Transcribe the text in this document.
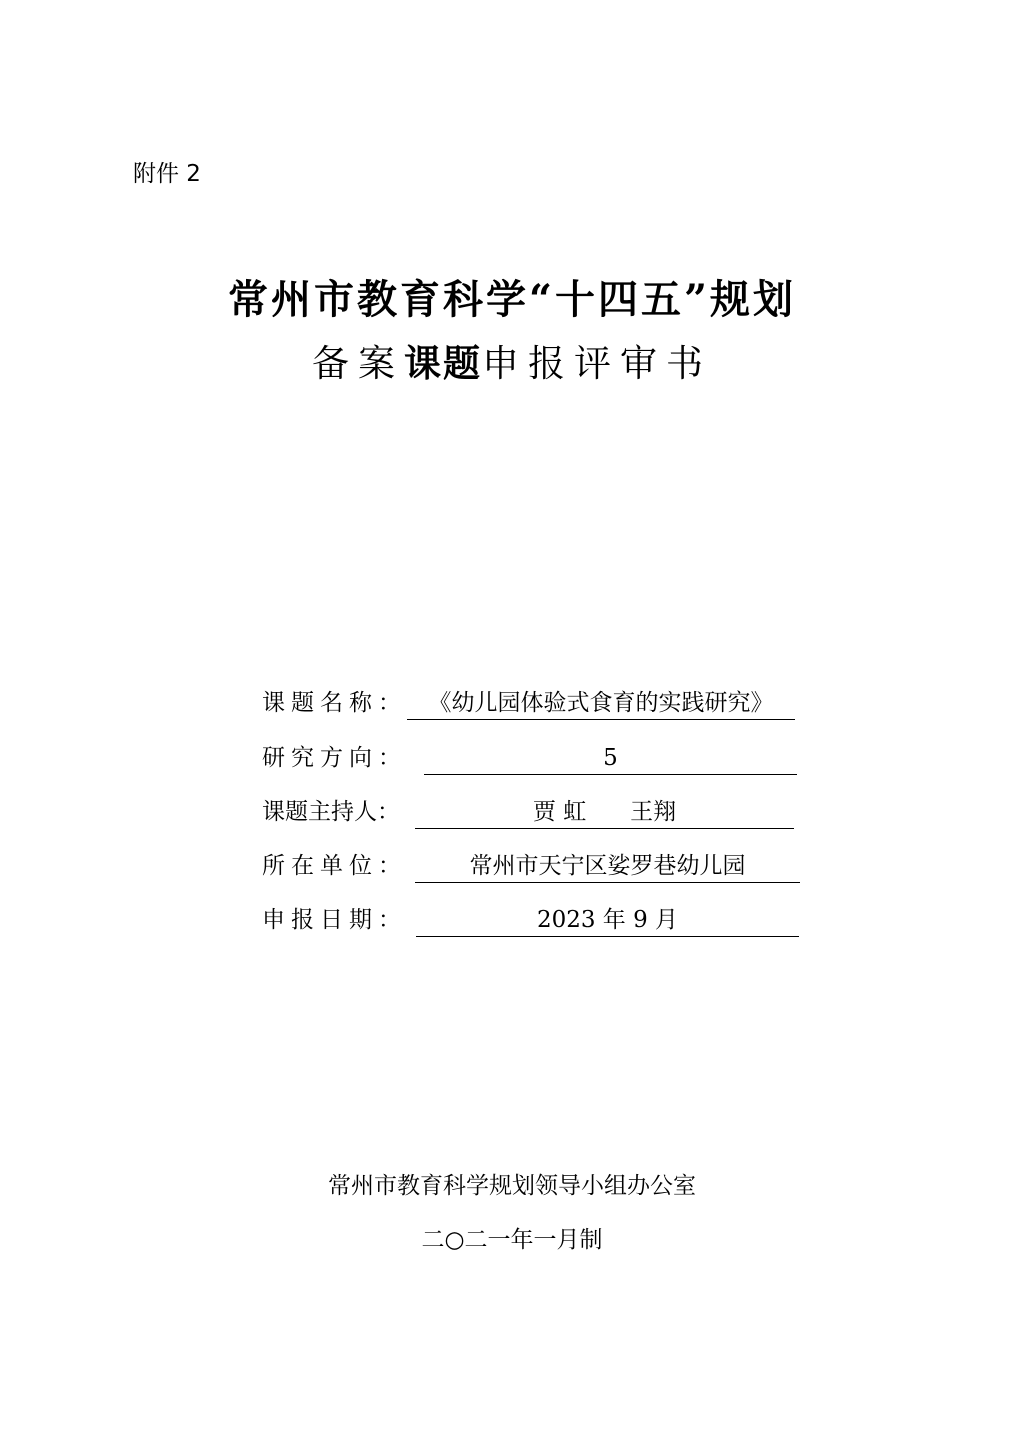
附件 2
常州市教育科学“十四五”规划
备案课题申报评审书
课题名称： 《幼儿园体验式食育的实践研究》
研究方向：	5
课题主持人：	贾 虹      王翔
所在单位：	常州市天宁区娑罗巷幼儿园
申报日期：	2023 年 9 月
常州市教育科学规划领导小组办公室
二○二一年一月制
